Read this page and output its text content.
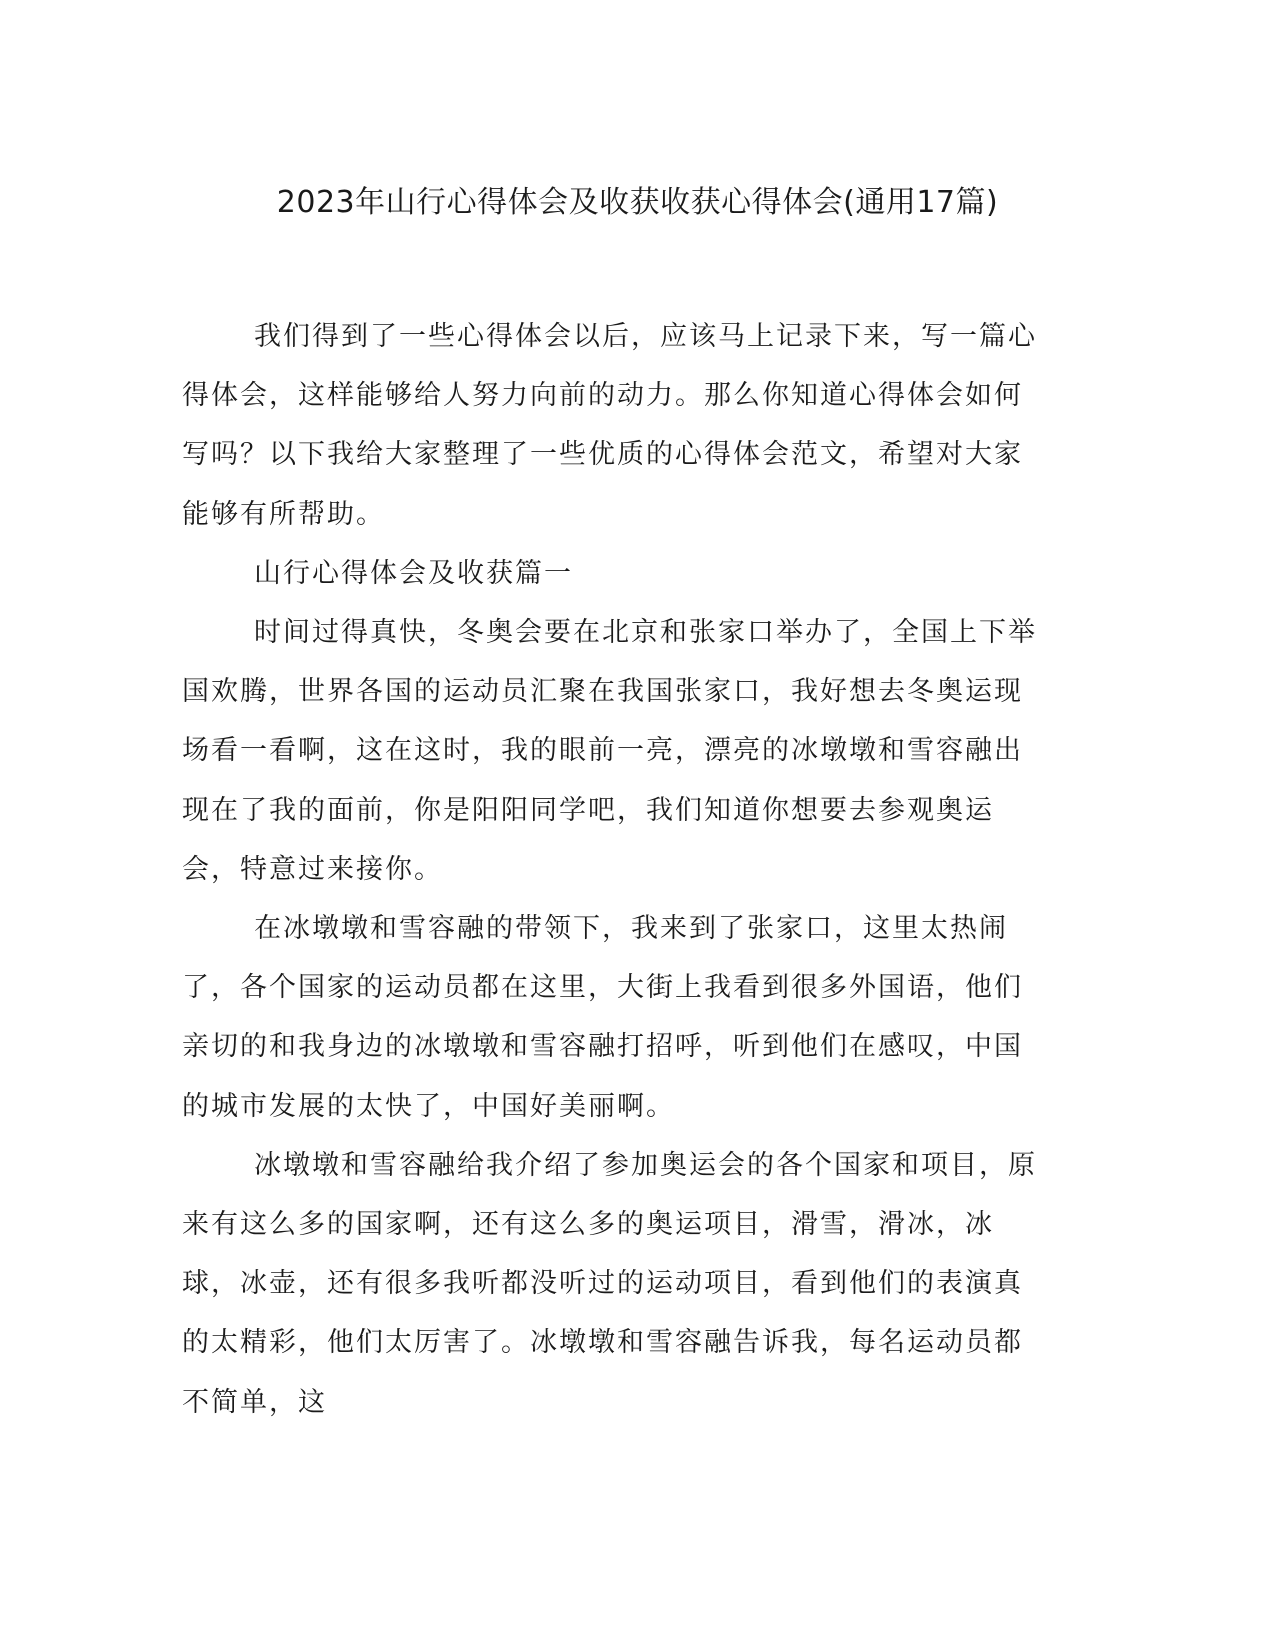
2023年山行心得体会及收获收获心得体会(通用17篇)

我们得到了一些心得体会以后，应该马上记录下来，写一篇心得体会，这样能够给人努力向前的动力。那么你知道心得体会如何写吗？以下我给大家整理了一些优质的心得体会范文，希望对大家能够有所帮助。

山行心得体会及收获篇一

时间过得真快，冬奥会要在北京和张家口举办了，全国上下举国欢腾，世界各国的运动员汇聚在我国张家口，我好想去冬奥运现场看一看啊，这在这时，我的眼前一亮，漂亮的冰墩墩和雪容融出现在了我的面前，你是阳阳同学吧，我们知道你想要去参观奥运会，特意过来接你。

在冰墩墩和雪容融的带领下，我来到了张家口，这里太热闹了，各个国家的运动员都在这里，大街上我看到很多外国语，他们亲切的和我身边的冰墩墩和雪容融打招呼，听到他们在感叹，中国的城市发展的太快了，中国好美丽啊。

冰墩墩和雪容融给我介绍了参加奥运会的各个国家和项目，原来有这么多的国家啊，还有这么多的奥运项目，滑雪，滑冰，冰球，冰壶，还有很多我听都没听过的运动项目，看到他们的表演真的太精彩，他们太厉害了。冰墩墩和雪容融告诉我，每名运动员都不简单，这
